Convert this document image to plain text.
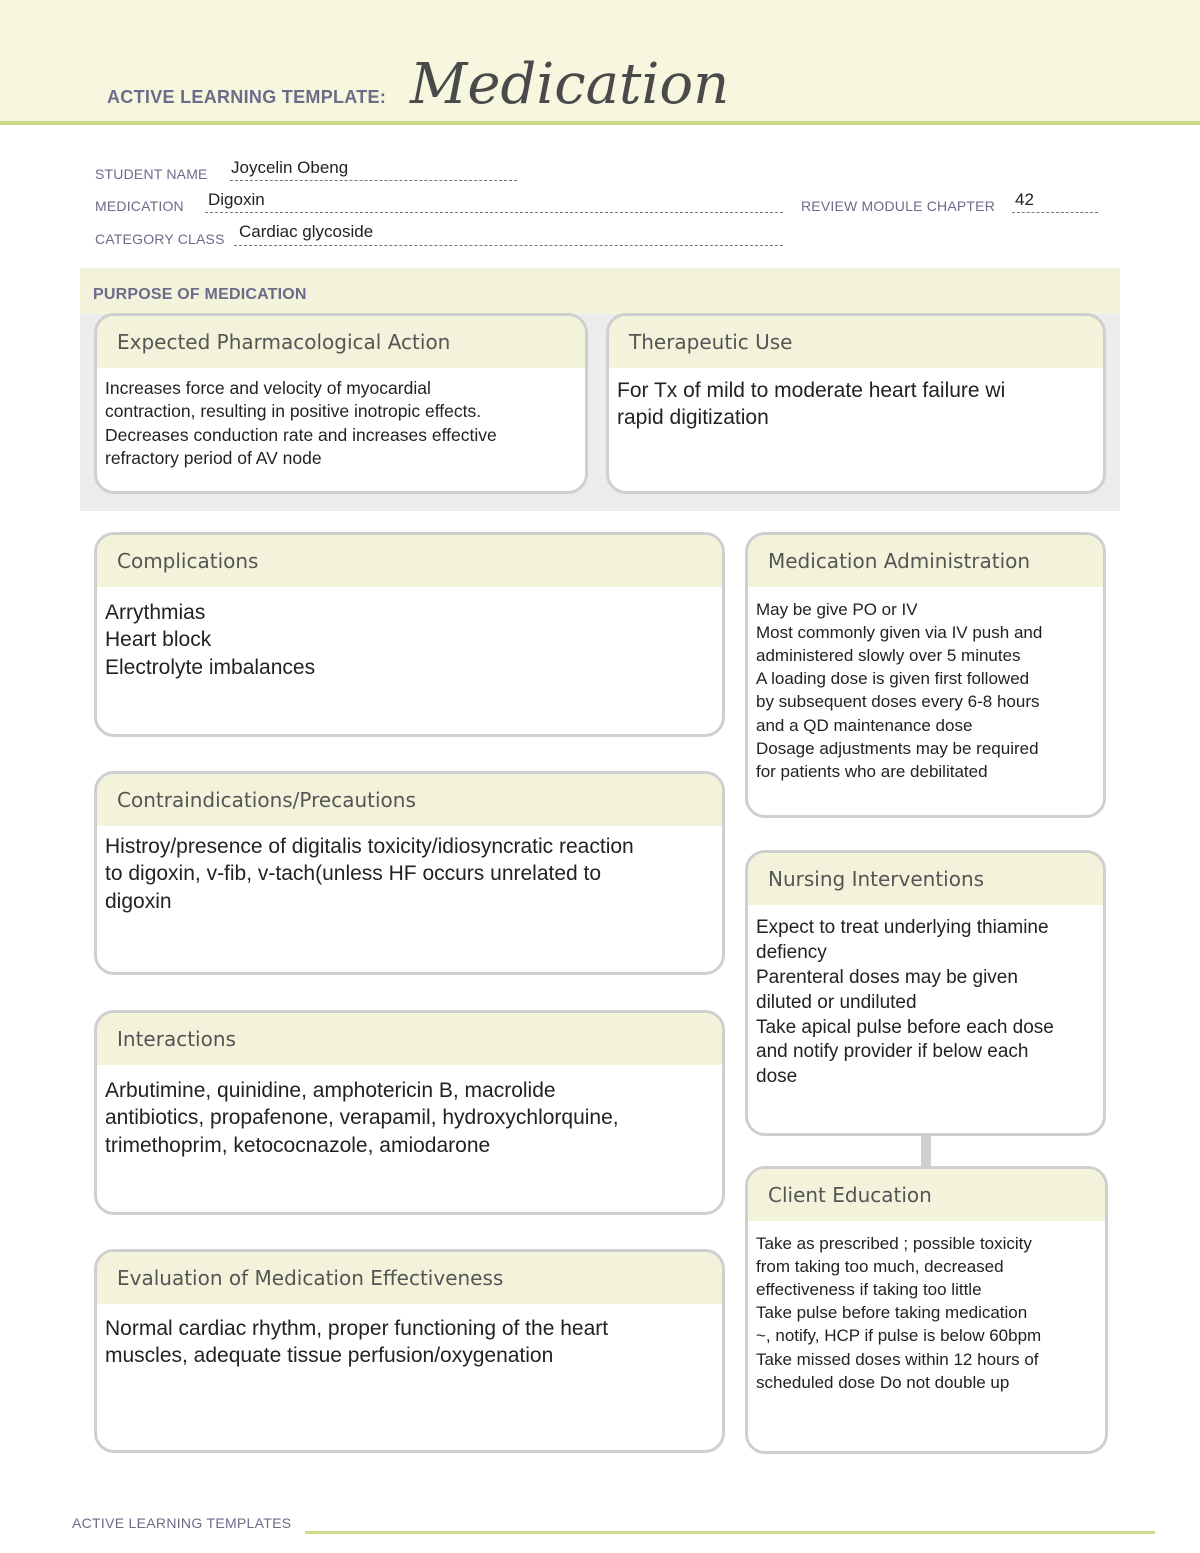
ACTIVE LEARNING TEMPLATE: Medication
STUDENT NAME Joycelin Obeng
MEDICATION Digoxin	REVIEW MODULE CHAPTER 42
CATEGORY CLASS Cardiac glycoside
PURPOSE OF MEDICATION
Expected Pharmacological Action
Increases force and velocity of myocardial
contraction, resulting in positive inotropic effects.
Decreases conduction rate and increases effective
refractory period of AV node
Therapeutic Use
For Tx of mild to moderate heart failure wi
rapid digitization
Complications
Arrythmias
Heart block
Electrolyte imbalances
Contraindications/Precautions
Histroy/presence of digitalis toxicity/idiosyncratic reaction
to digoxin, v-fib, v-tach(unless HF occurs unrelated to
digoxin
Interactions
Arbutimine, quinidine, amphotericin B, macrolide
antibiotics, propafenone, verapamil, hydroxychlorquine,
trimethoprim, ketococnazole, amiodarone
Evaluation of Medication Effectiveness
Normal cardiac rhythm, proper functioning of the heart
muscles, adequate tissue perfusion/oxygenation
Medication Administration
May be give PO or IV
Most commonly given via IV push and
administered slowly over 5 minutes
A loading dose is given first followed
by subsequent doses every 6-8 hours
and a QD maintenance dose
Dosage adjustments may be required
for patients who are debilitated
Nursing Interventions
Expect to treat underlying thiamine
defiency
Parenteral doses may be given
diluted or undiluted
Take apical pulse before each dose
and notify provider if below each
dose
Client Education
Take as prescribed ; possible toxicity
from taking too much, decreased
effectiveness if taking too little
Take pulse before taking medication
~, notify, HCP if pulse is below 60bpm
Take missed doses within 12 hours of
scheduled dose Do not double up
ACTIVE LEARNING TEMPLATES
